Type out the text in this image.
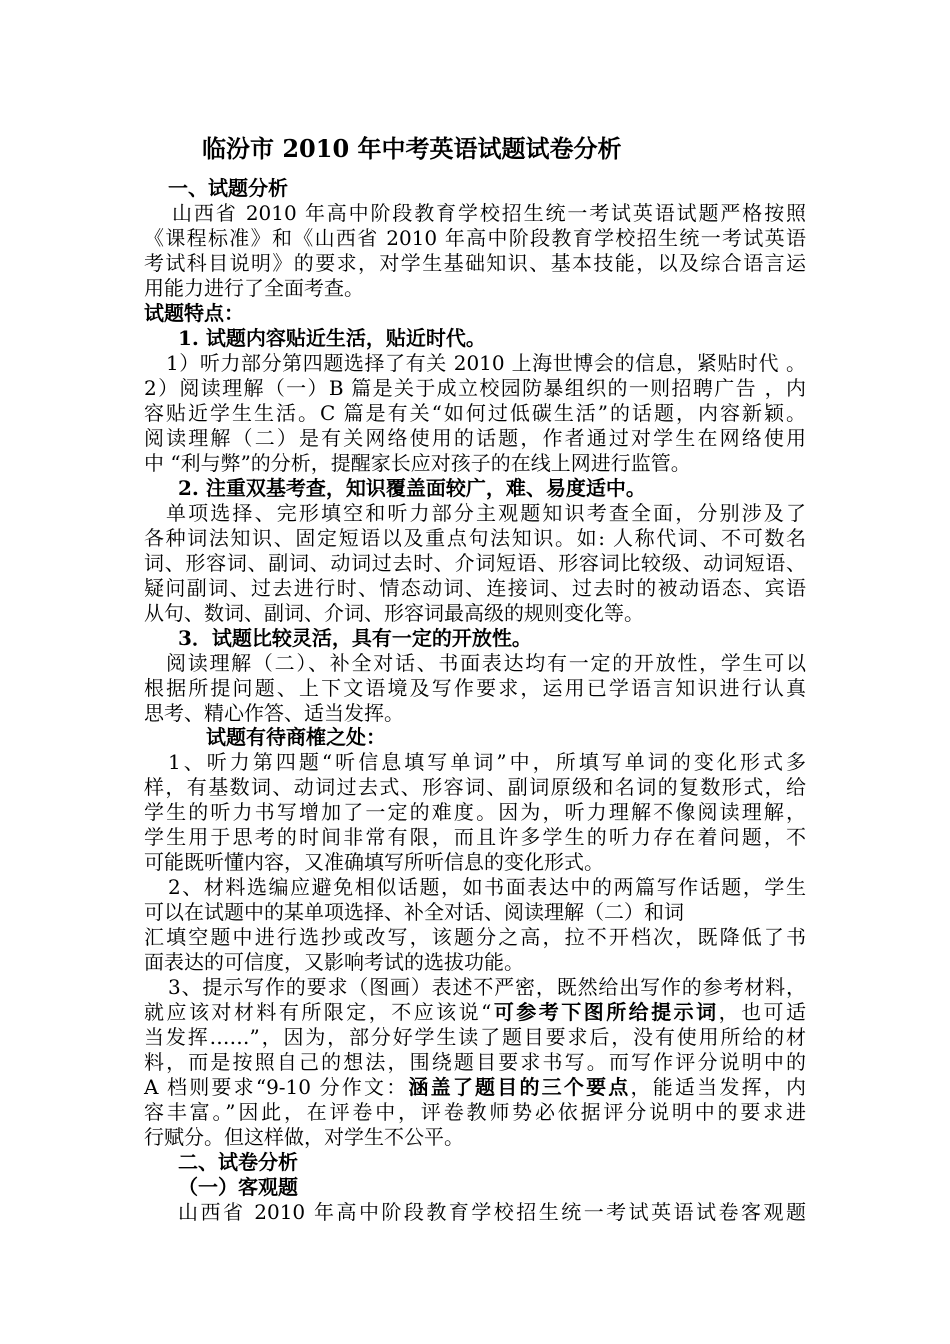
临汾市 2010 年中考英语试题试卷分析
一、试题分析
山西省 2010 年高中阶段教育学校招生统一考试英语试题严格按照
《课程标准》和《山西省 2010 年高中阶段教育学校招生统一考试英语
考试科目说明》的要求，对学生基础知识、基本技能，以及综合语言运
用能力进行了全面考查。
试题特点：
1. 试题内容贴近生活，贴近时代。
1）听力部分第四题选择了有关 2010 上海世博会的信息，紧贴时代 。
2）阅读理解（一）B 篇是关于成立校园防暴组织的一则招聘广告 ，内
容贴近学生生活。C 篇是有关“如何过低碳生活”的话题，内容新颖。
阅读理解（二）是有关网络使用的话题，作者通过对学生在网络使用
中 “利与弊”的分析，提醒家长应对孩子的在线上网进行监管。
2. 注重双基考查，知识覆盖面较广，难、易度适中。
单项选择、完形填空和听力部分主观题知识考查全面，分别涉及了
各种词法知识、固定短语以及重点句法知识。如: 人称代词、不可数名
词、形容词、副词、动词过去时、介词短语、形容词比较级、动词短语、
疑问副词、过去进行时、情态动词、连接词、过去时的被动语态、宾语
从句、数词、副词、介词、形容词最高级的规则变化等。
3．试题比较灵活，具有一定的开放性。
阅读理解（二）、补全对话、书面表达均有一定的开放性，学生可以
根据所提问题、上下文语境及写作要求，运用已学语言知识进行认真
思考、精心作答、适当发挥。
试题有待商榷之处：
1、听力第四题“听信息填写单词”中，所填写单词的变化形式多
样，有基数词、动词过去式、形容词、副词原级和名词的复数形式，给
学生的听力书写增加了一定的难度。因为，听力理解不像阅读理解，
学生用于思考的时间非常有限，而且许多学生的听力存在着问题，不
可能既听懂内容，又准确填写所听信息的变化形式。
2、材料选编应避免相似话题，如书面表达中的两篇写作话题，学生
可以在试题中的某单项选择、补全对话、阅读理解（二）和词
汇填空题中进行选抄或改写，该题分之高，拉不开档次，既降低了书
面表达的可信度，又影响考试的选拔功能。
3、提示写作的要求（图画）表述不严密，既然给出写作的参考材料，
就应该对材料有所限定，不应该说“可参考下图所给提示词，也可适
当发挥……”，因为，部分好学生读了题目要求后，没有使用所给的材
料，而是按照自己的想法，围绕题目要求书写。而写作评分说明中的
A 档则要求“9-10 分作文：涵盖了题目的三个要点，能适当发挥，内
容丰富。”因此，在评卷中，评卷教师势必依据评分说明中的要求进
行赋分。但这样做，对学生不公平。
二、试卷分析
（一）客观题
山西省 2010 年高中阶段教育学校招生统一考试英语试卷客观题
